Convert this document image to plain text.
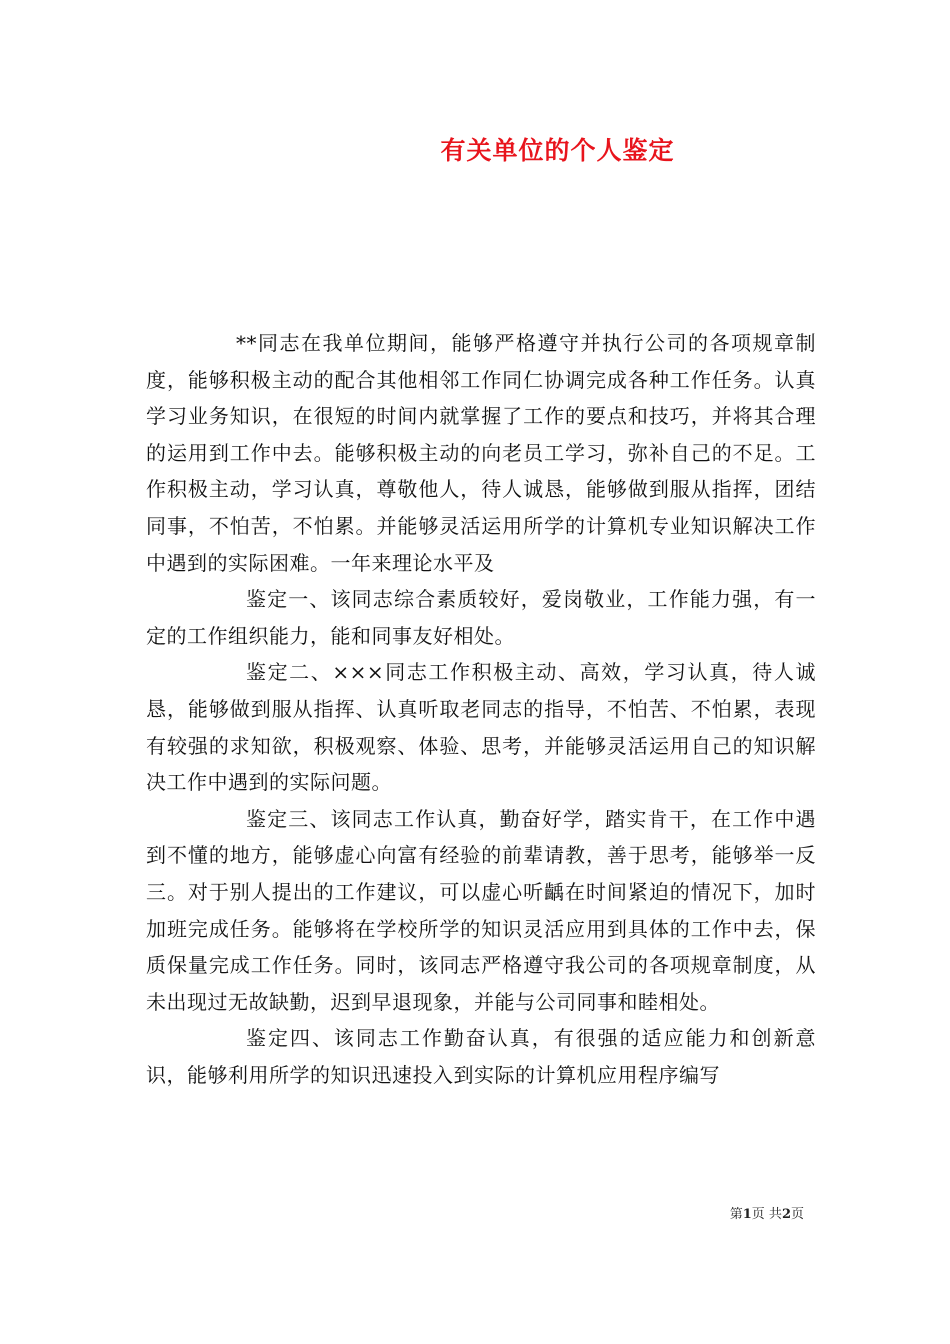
有关单位的个人鉴定

**同志在我单位期间，能够严格遵守并执行公司的各项规章制度，能够积极主动的配合其他相邻工作同仁协调完成各种工作任务。认真学习业务知识，在很短的时间内就掌握了工作的要点和技巧，并将其合理的运用到工作中去。能够积极主动的向老员工学习，弥补自己的不足。工作积极主动，学习认真，尊敬他人，待人诚恳，能够做到服从指挥，团结同事，不怕苦，不怕累。并能够灵活运用所学的计算机专业知识解决工作中遇到的实际困难。一年来理论水平及

鉴定一、该同志综合素质较好，爱岗敬业，工作能力强，有一定的工作组织能力，能和同事友好相处。

鉴定二、×××同志工作积极主动、高效，学习认真，待人诚恳，能够做到服从指挥、认真听取老同志的指导，不怕苦、不怕累，表现有较强的求知欲，积极观察、体验、思考，并能够灵活运用自己的知识解决工作中遇到的实际问题。

鉴定三、该同志工作认真，勤奋好学，踏实肯干，在工作中遇到不懂的地方，能够虚心向富有经验的前辈请教，善于思考，能够举一反三。对于别人提出的工作建议，可以虚心听齲在时间紧迫的情况下，加时加班完成任务。能够将在学校所学的知识灵活应用到具体的工作中去，保质保量完成工作任务。同时，该同志严格遵守我公司的各项规章制度，从未出现过无故缺勤，迟到早退现象，并能与公司同事和睦相处。

鉴定四、该同志工作勤奋认真，有很强的适应能力和创新意识，能够利用所学的知识迅速投入到实际的计算机应用程序编写

第1页 共2页
